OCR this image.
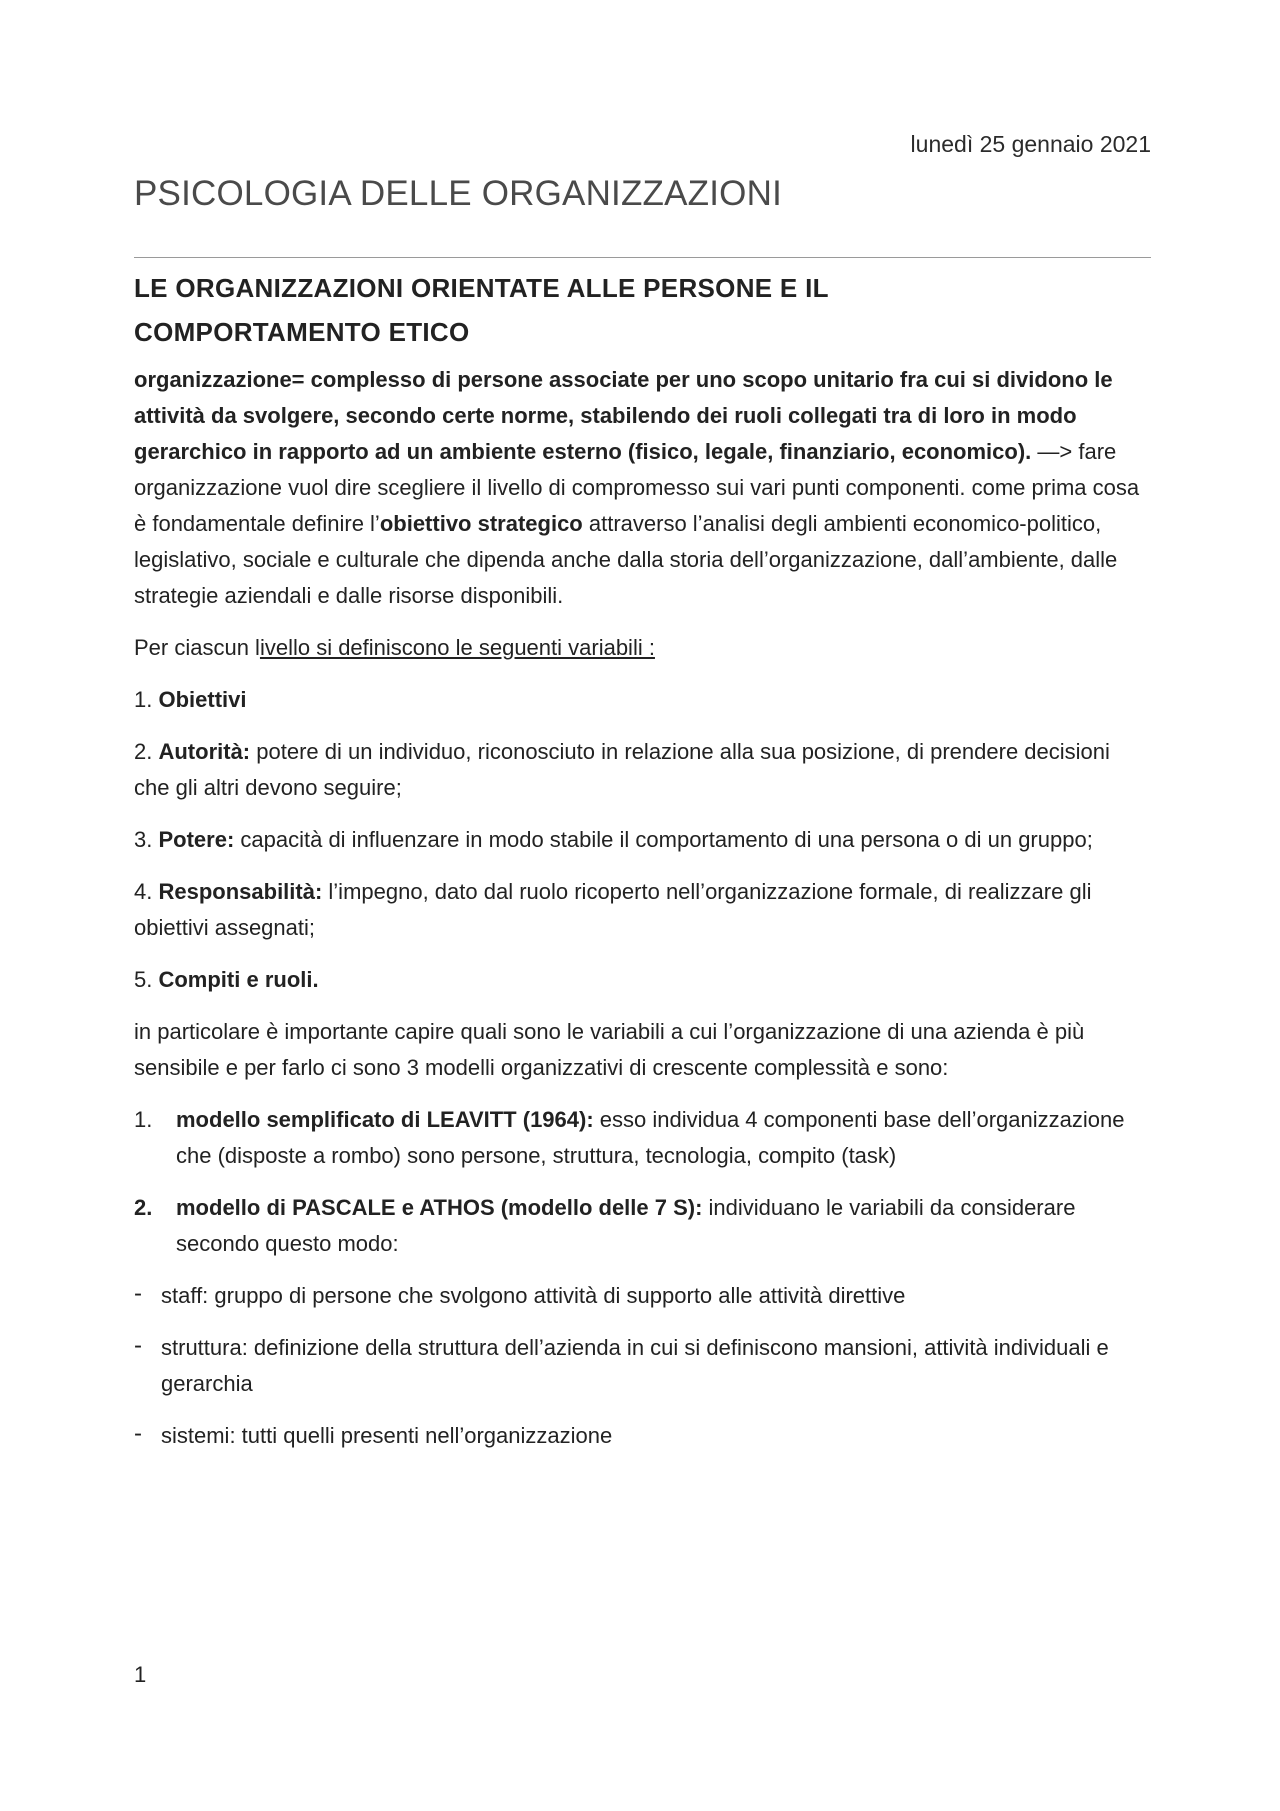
lunedì 25 gennaio 2021
PSICOLOGIA DELLE ORGANIZZAZIONI
LE ORGANIZZAZIONI ORIENTATE ALLE PERSONE E IL
COMPORTAMENTO ETICO

organizzazione= complesso di persone associate per uno scopo unitario fra cui si dividono le attività da svolgere, secondo certe norme, stabilendo dei ruoli collegati tra di loro in modo gerarchico in rapporto ad un ambiente esterno (fisico, legale, finanziario, economico). —> fare organizzazione vuol dire scegliere il livello di compromesso sui vari punti componenti. come prima cosa è fondamentale definire l’obiettivo strategico attraverso l’analisi degli ambienti economico-politico, legislativo, sociale e culturale che dipenda anche dalla storia dell’organizzazione, dall’ambiente, dalle strategie aziendali e dalle risorse disponibili.

Per ciascun livello si definiscono le seguenti variabili :

1. Obiettivi

2. Autorità: potere di un individuo, riconosciuto in relazione alla sua posizione, di prendere decisioni che gli altri devono seguire;

3. Potere: capacità di influenzare in modo stabile il comportamento di una persona o di un gruppo;

4. Responsabilità: l’impegno, dato dal ruolo ricoperto nell’organizzazione formale, di realizzare gli obiettivi assegnati;

5. Compiti e ruoli.

in particolare è importante capire quali sono le variabili a cui l’organizzazione di una azienda è più sensibile e per farlo ci sono 3 modelli organizzativi di crescente complessità e sono:

1. modello semplificato di LEAVITT (1964): esso individua 4 componenti base dell’organizzazione che (disposte a rombo) sono persone, struttura, tecnologia, compito (task)
2. modello di PASCALE e ATHOS (modello delle 7 S): individuano le variabili da considerare secondo questo modo:
- staff: gruppo di persone che svolgono attività di supporto alle attività direttive
- struttura: definizione della struttura dell’azienda in cui si definiscono mansioni, attività individuali e gerarchia
- sistemi: tutti quelli presenti nell’organizzazione
1
